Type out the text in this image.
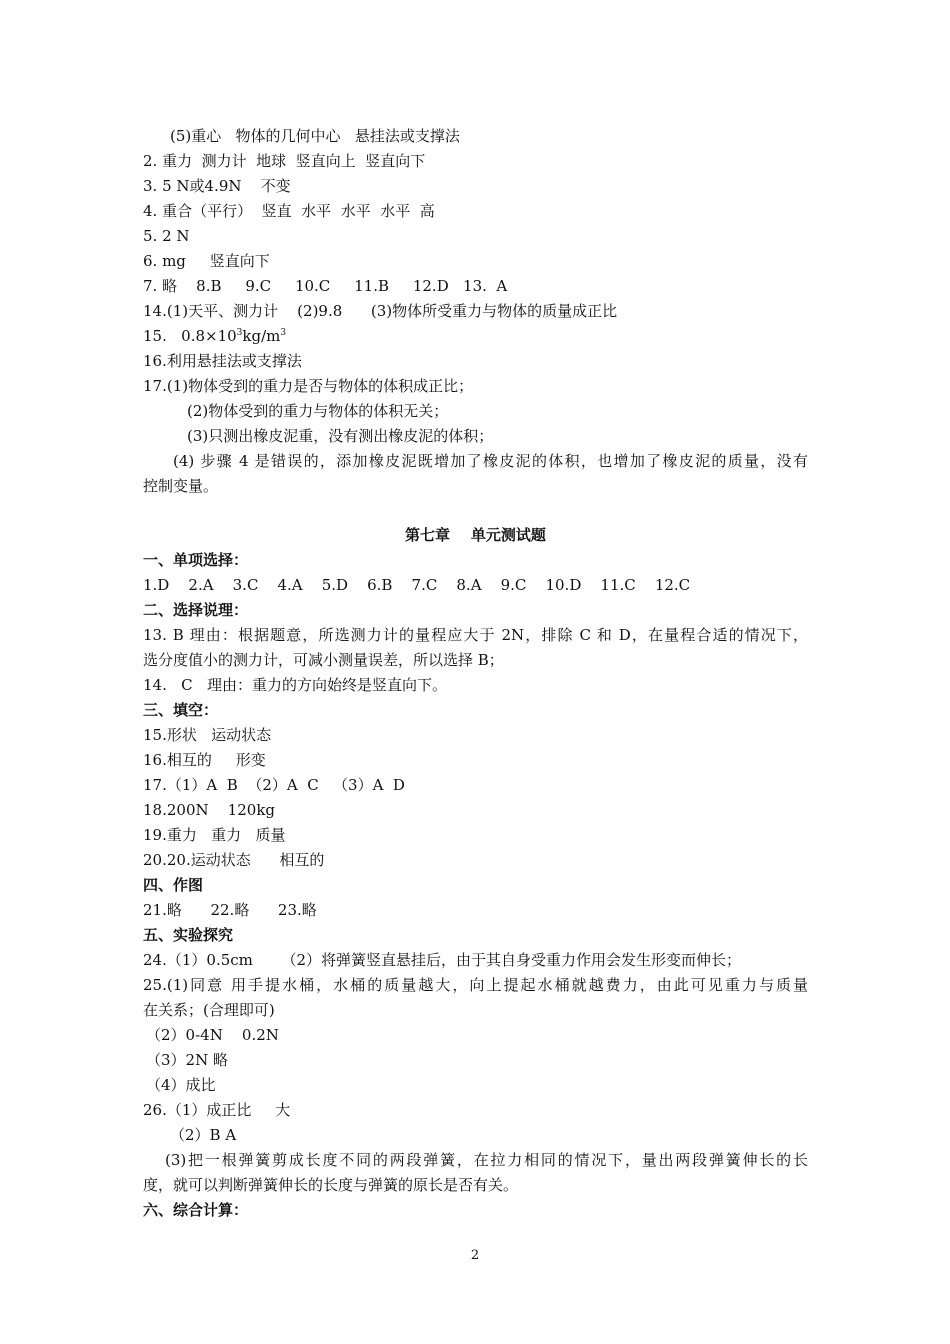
(5)重心   物体的几何中心   悬挂法或支撑法
2. 重力  测力计  地球  竖直向上  竖直向下
3. 5 N或4.9N    不变
4. 重合（平行）  竖直  水平  水平  水平  高
5. 2 N
6. mg     竖直向下
7. 略    8.B     9.C     10.C     11.B     12.D   13.  A
14.(1)天平、测力计    (2)9.8      (3)物体所受重力与物体的质量成正比
15.   $0.8\times 10^3kg/m^3$
16.利用悬挂法或支撑法
17.(1)物体受到的重力是否与物体的体积成正比；
(2)物体受到的重力与物体的体积无关；
(3)只测出橡皮泥重，没有测出橡皮泥的体积；
(4) 步骤 4 是错误的，添加橡皮泥既增加了橡皮泥的体积，也增加了橡皮泥的质量，没有
控制变量。
第七章    单元测试题
一、单项选择：
1.D    2.A    3.C    4.A    5.D    6.B    7.C    8.A    9.C    10.D    11.C    12.C
二、选择说理：
13. B 理由：根据题意，所选测力计的量程应大于 2N，排除 C 和 D，在量程合适的情况下，
选分度值小的测力计，可减小测量误差，所以选择 B；
14.   C   理由：重力的方向始终是竖直向下。
三、填空：
15.形状   运动状态
16.相互的     形变
17.（1）A  B  （2）A  C   （3）A  D
18.200N    120kg
19.重力   重力   质量
20.20.运动状态      相互的
四、作图
21.略      22.略      23.略
五、实验探究
24.（1）0.5cm      （2）将弹簧竖直悬挂后，由于其自身受重力作用会发生形变而伸长；
25.(1)同意 用手提水桶，水桶的质量越大，向上提起水桶就越费力，由此可见重力与质量
在关系；(合理即可)
（2）0-4N    0.2N
（3）2N 略
（4）成比
26.（1）成正比     大
（2）B A
(3)把一根弹簧剪成长度不同的两段弹簧，在拉力相同的情况下，量出两段弹簧伸长的长
度，就可以判断弹簧伸长的长度与弹簧的原长是否有关。
六、综合计算：
2
